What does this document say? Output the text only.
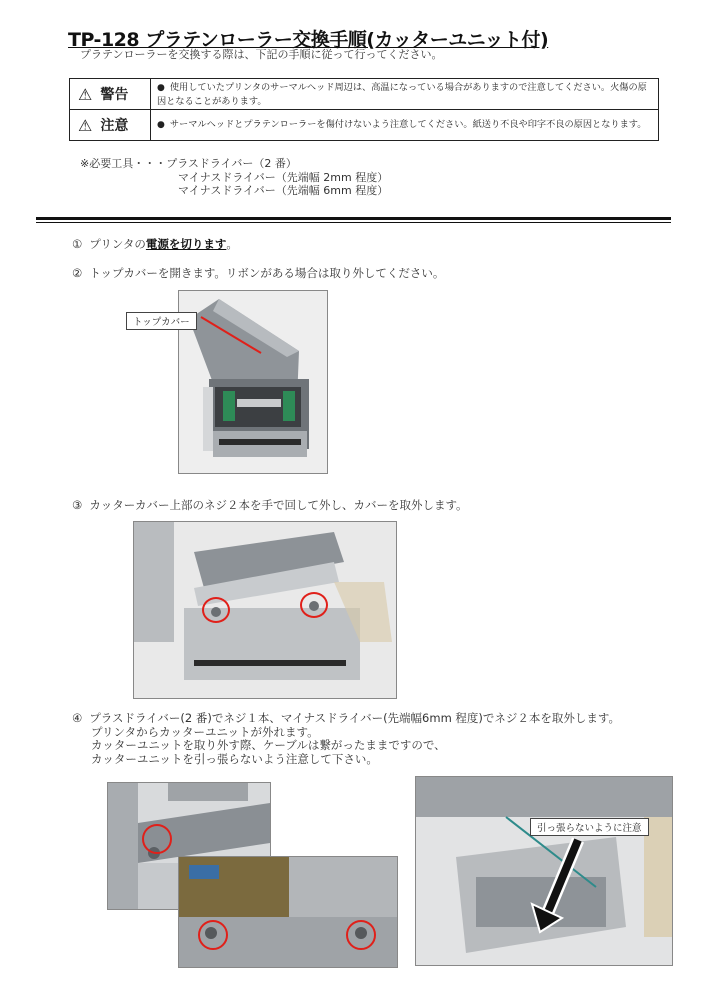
TP-128 プラテンローラー交換手順(カッターユニット付)
プラテンローラーを交換する際は、下記の手順に従って行ってください。
⚠ 警告	● 使用していたプリンタのサーマルヘッド周辺は、高温になっている場合がありますので注意してください。火傷の原因となることがあります。
⚠ 注意	● サーマルヘッドとプラテンローラーを傷付けないよう注意してください。紙送り不良や印字不良の原因となります。
※必要工具・・・プラスドライバー（2 番）
マイナスドライバー（先端幅 2mm 程度）
マイナスドライバー（先端幅 6mm 程度）
① プリンタの電源を切ります。
② トップカバーを開きます。リボンがある場合は取り外してください。
トップカバー
③ カッターカバー上部のネジ２本を手で回して外し、カバーを取外します。
④ プラスドライバー(2 番)でネジ１本、マイナスドライバー(先端幅6mm 程度)でネジ２本を取外します。
プリンタからカッターユニットが外れます。
カッターユニットを取り外す際、ケーブルは繋がったままですので、
カッターユニットを引っ張らないよう注意して下さい。
引っ張らないように注意
